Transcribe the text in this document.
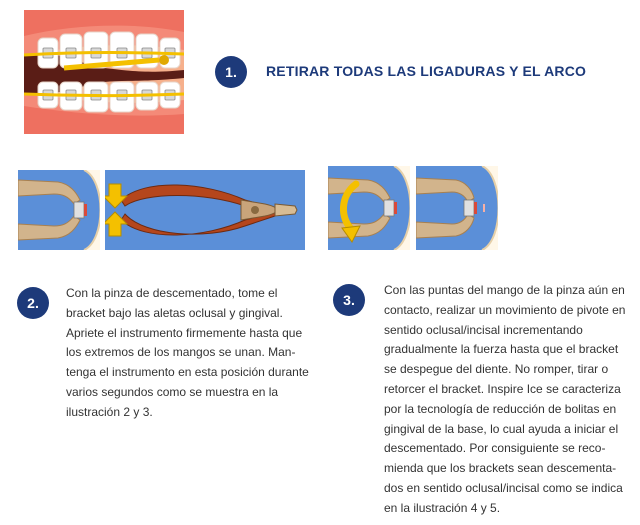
1.	RETIRAR TODAS LAS LIGADURAS Y EL ARCO
2.
Con la pinza de descementado, tome el
bracket bajo las aletas oclusal y gingival.
Apriete el instrumento firmemente hasta que
los extremos de los mangos se unan. Man-
tenga el instrumento en esta posición durante
varios segundos como se muestra en la
ilustración 2 y 3.
3.
Con las puntas del mango de la pinza aún en
contacto, realizar un movimiento de pivote en
sentido oclusal/incisal incrementando
gradualmente la fuerza hasta que el bracket
se despegue del diente. No romper, tirar o
retorcer el bracket. Inspire Ice se caracteriza
por la tecnología de reducción de bolitas en
gingival de la base, lo cual ayuda a iniciar el
descementado. Por consiguiente se reco-
mienda que los brackets sean descementa-
dos en sentido oclusal/incisal como se indica
en la ilustración 4 y 5.
